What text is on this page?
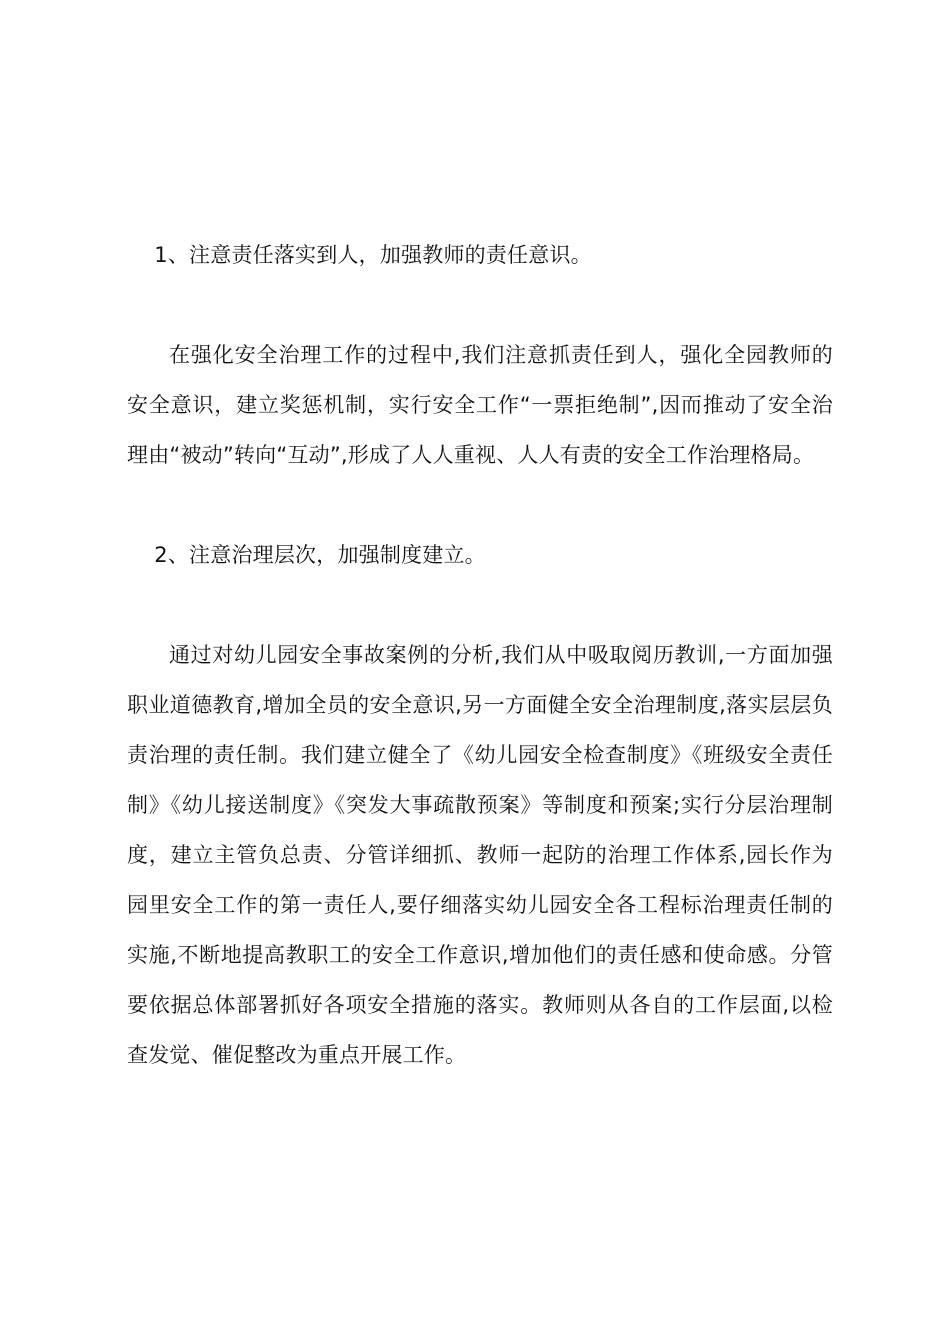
1、注意责任落实到人，加强教师的责任意识。

在强化安全治理工作的过程中,我们注意抓责任到人，强化全园教师的安全意识，建立奖惩机制，实行安全工作“一票拒绝制”,因而推动了安全治理由“被动”转向“互动”,形成了人人重视、人人有责的安全工作治理格局。

2、注意治理层次，加强制度建立。

通过对幼儿园安全事故案例的分析,我们从中吸取阅历教训,一方面加强职业道德教育,增加全员的安全意识,另一方面健全安全治理制度,落实层层负责治理的责任制。我们建立健全了《幼儿园安全检查制度》《班级安全责任制》《幼儿接送制度》《突发大事疏散预案》等制度和预案;实行分层治理制度，建立主管负总责、分管详细抓、教师一起防的治理工作体系,园长作为园里安全工作的第一责任人,要仔细落实幼儿园安全各工程标治理责任制的实施,不断地提高教职工的安全工作意识,增加他们的责任感和使命感。分管要依据总体部署抓好各项安全措施的落实。教师则从各自的工作层面,以检查发觉、催促整改为重点开展工作。
